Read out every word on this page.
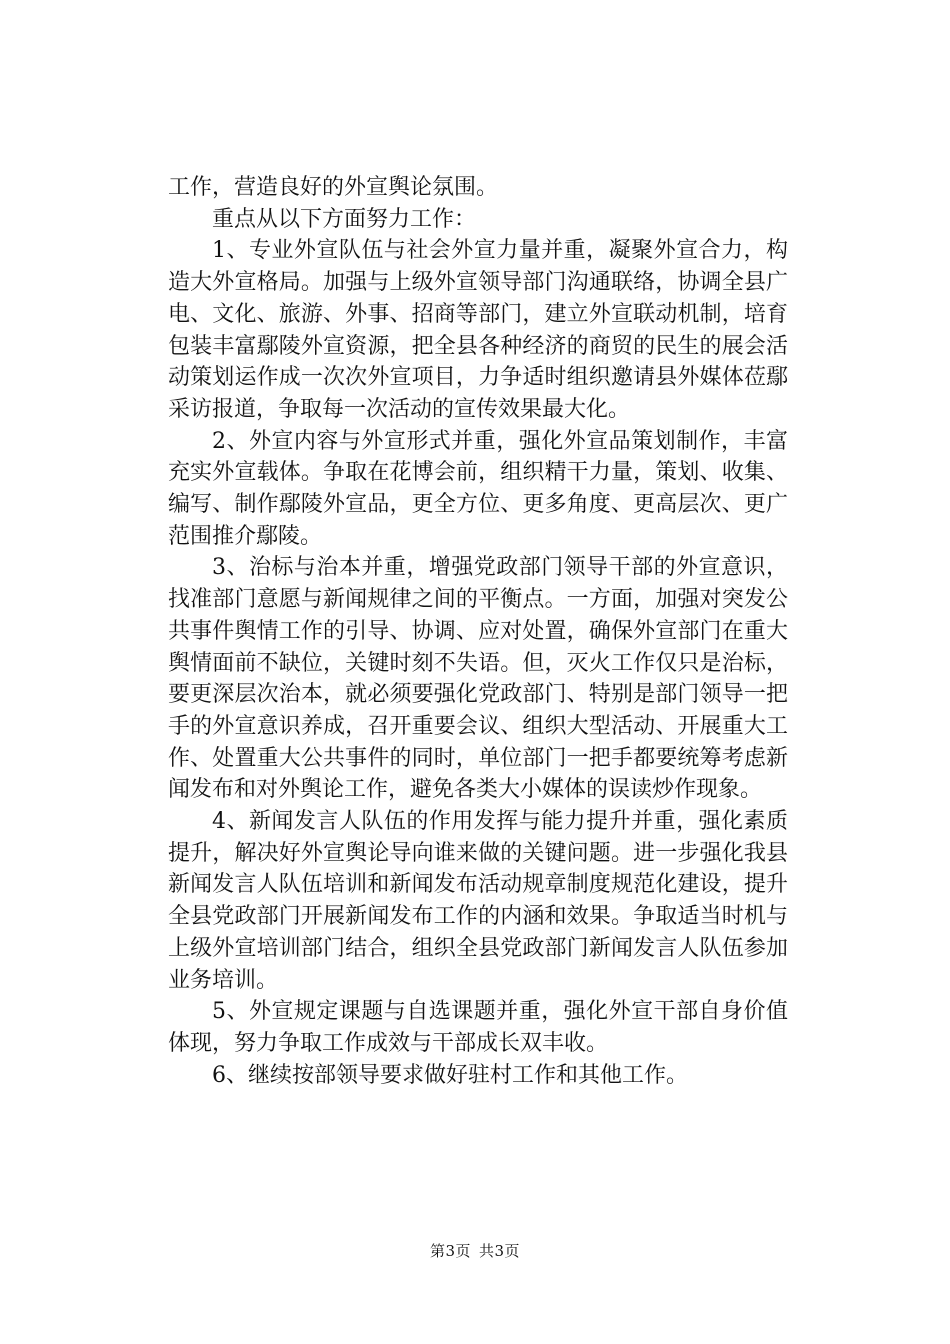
工作，营造良好的外宣舆论氛围。

重点从以下方面努力工作：

1、专业外宣队伍与社会外宣力量并重，凝聚外宣合力，构造大外宣格局。加强与上级外宣领导部门沟通联络，协调全县广电、文化、旅游、外事、招商等部门，建立外宣联动机制，培育包装丰富鄢陵外宣资源，把全县各种经济的商贸的民生的展会活动策划运作成一次次外宣项目，力争适时组织邀请县外媒体莅鄢采访报道，争取每一次活动的宣传效果最大化。

2、外宣内容与外宣形式并重，强化外宣品策划制作，丰富充实外宣载体。争取在花博会前，组织精干力量，策划、收集、编写、制作鄢陵外宣品，更全方位、更多角度、更高层次、更广范围推介鄢陵。

3、治标与治本并重，增强党政部门领导干部的外宣意识，找准部门意愿与新闻规律之间的平衡点。一方面，加强对突发公共事件舆情工作的引导、协调、应对处置，确保外宣部门在重大舆情面前不缺位，关键时刻不失语。但，灭火工作仅只是治标，要更深层次治本，就必须要强化党政部门、特别是部门领导一把手的外宣意识养成，召开重要会议、组织大型活动、开展重大工作、处置重大公共事件的同时，单位部门一把手都要统筹考虑新闻发布和对外舆论工作，避免各类大小媒体的误读炒作现象。

4、新闻发言人队伍的作用发挥与能力提升并重，强化素质提升，解决好外宣舆论导向谁来做的关键问题。进一步强化我县新闻发言人队伍培训和新闻发布活动规章制度规范化建设，提升全县党政部门开展新闻发布工作的内涵和效果。争取适当时机与上级外宣培训部门结合，组织全县党政部门新闻发言人队伍参加业务培训。

5、外宣规定课题与自选课题并重，强化外宣干部自身价值体现，努力争取工作成效与干部成长双丰收。

6、继续按部领导要求做好驻村工作和其他工作。

第3页 共3页
